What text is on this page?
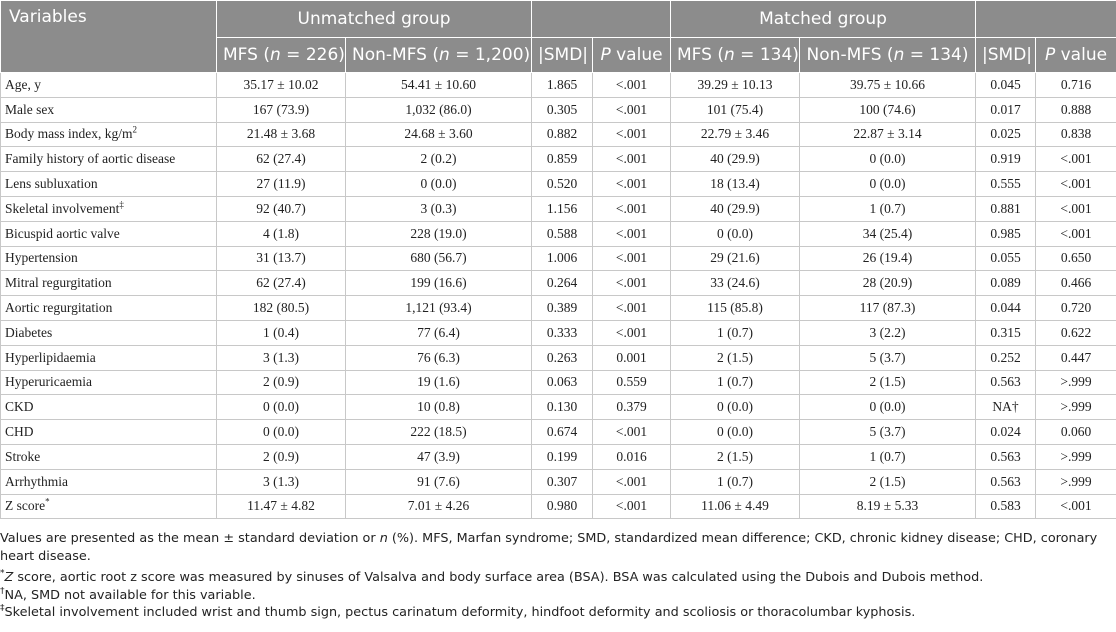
Variables	Unmatched group				Matched group			
	MFS (n = 226)	Non-MFS (n = 1,200)	|SMD|	P value	MFS (n = 134)	Non-MFS (n = 134)	|SMD|	P value
Age, y	35.17 ± 10.02	54.41 ± 10.60	1.865	<.001	39.29 ± 10.13	39.75 ± 10.66	0.045	0.716
Male sex	167 (73.9)	1,032 (86.0)	0.305	<.001	101 (75.4)	100 (74.6)	0.017	0.888
Body mass index, $kg/m^2$	21.48 ± 3.68	24.68 ± 3.60	0.882	<.001	22.79 ± 3.46	22.87 ± 3.14	0.025	0.838
Family history of aortic disease	62 (27.4)	2 (0.2)	0.859	<.001	40 (29.9)	0 (0.0)	0.919	<.001
Lens subluxation	27 (11.9)	0 (0.0)	0.520	<.001	18 (13.4)	0 (0.0)	0.555	<.001
Skeletal involvement‡	92 (40.7)	3 (0.3)	1.156	<.001	40 (29.9)	1 (0.7)	0.881	<.001
Bicuspid aortic valve	4 (1.8)	228 (19.0)	0.588	<.001	0 (0.0)	34 (25.4)	0.985	<.001
Hypertension	31 (13.7)	680 (56.7)	1.006	<.001	29 (21.6)	26 (19.4)	0.055	0.650
Mitral regurgitation	62 (27.4)	199 (16.6)	0.264	<.001	33 (24.6)	28 (20.9)	0.089	0.466
Aortic regurgitation	182 (80.5)	1,121 (93.4)	0.389	<.001	115 (85.8)	117 (87.3)	0.044	0.720
Diabetes	1 (0.4)	77 (6.4)	0.333	<.001	1 (0.7)	3 (2.2)	0.315	0.622
Hyperlipidaemia	3 (1.3)	76 (6.3)	0.263	0.001	2 (1.5)	5 (3.7)	0.252	0.447
Hyperuricaemia	2 (0.9)	19 (1.6)	0.063	0.559	1 (0.7)	2 (1.5)	0.563	>.999
CKD	0 (0.0)	10 (0.8)	0.130	0.379	0 (0.0)	0 (0.0)	NA†	>.999
CHD	0 (0.0)	222 (18.5)	0.674	<.001	0 (0.0)	5 (3.7)	0.024	0.060
Stroke	2 (0.9)	47 (3.9)	0.199	0.016	2 (1.5)	1 (0.7)	0.563	>.999
Arrhythmia	3 (1.3)	91 (7.6)	0.307	<.001	1 (0.7)	2 (1.5)	0.563	>.999
Z score*	11.47 ± 4.82	7.01 ± 4.26	0.980	<.001	11.06 ± 4.49	8.19 ± 5.33	0.583	<.001

Values are presented as the mean ± standard deviation or n (%). MFS, Marfan syndrome; SMD, standardized mean difference; CKD, chronic kidney disease; CHD, coronary heart disease.

*Z score, aortic root z score was measured by sinuses of Valsalva and body surface area (BSA). BSA was calculated using the Dubois and Dubois method.

†NA, SMD not available for this variable.

‡Skeletal involvement included wrist and thumb sign, pectus carinatum deformity, hindfoot deformity and scoliosis or thoracolumbar kyphosis.
